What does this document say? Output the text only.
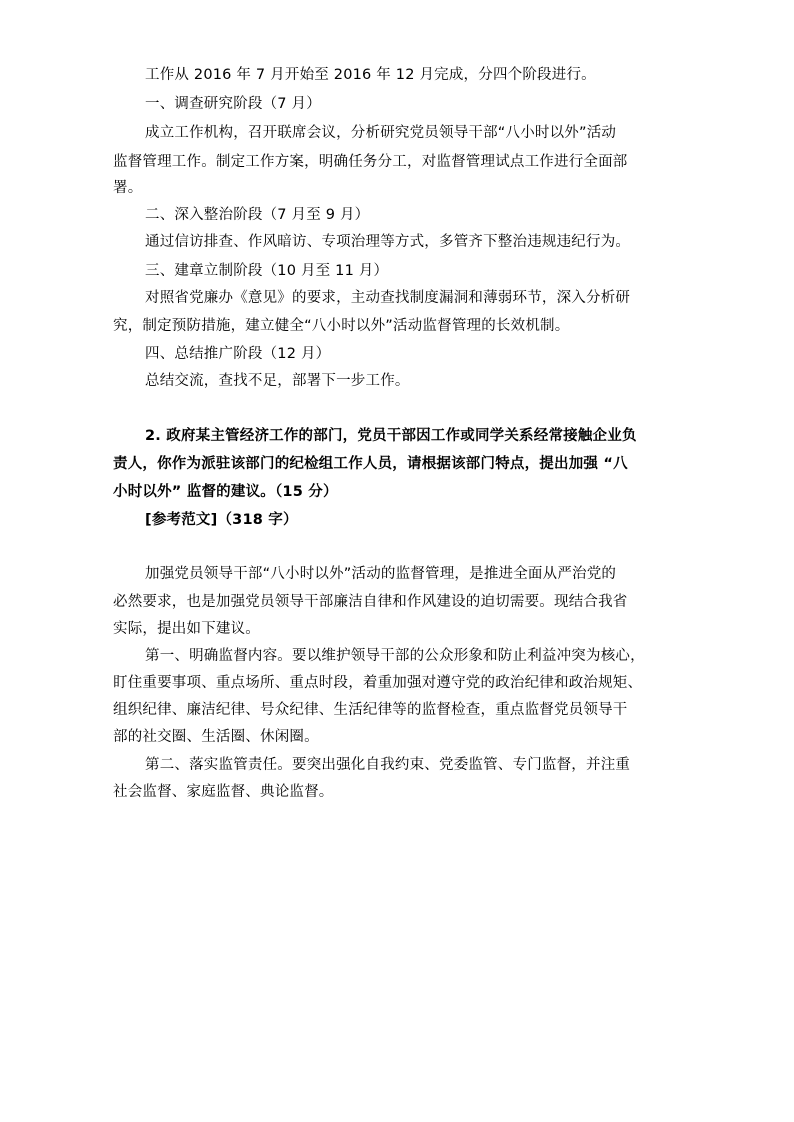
工作从 2016 年 7 月开始至 2016 年 12 月完成，分四个阶段进行。
一、调查研究阶段（7 月）
成立工作机构，召开联席会议，分析研究党员领导干部“八小时以外”活动
监督管理工作。制定工作方案，明确任务分工，对监督管理试点工作进行全面部
署。
二、深入整治阶段（7 月至 9 月）
通过信访排查、作风暗访、专项治理等方式，多管齐下整治违规违纪行为。
三、建章立制阶段（10 月至 11 月）
对照省党廉办《意见》的要求，主动查找制度漏洞和薄弱环节，深入分析研
究，制定预防措施，建立健全“八小时以外”活动监督管理的长效机制。
四、总结推广阶段（12 月）
总结交流，查找不足，部署下一步工作。
2. 政府某主管经济工作的部门，党员干部因工作或同学关系经常接触企业负
责人，你作为派驻该部门的纪检组工作人员，请根据该部门特点，提出加强 “八
小时以外” 监督的建议。（15 分）
[参考范文]（318 字）
加强党员领导干部“八小时以外”活动的监督管理，是推进全面从严治党的
必然要求，也是加强党员领导干部廉洁自律和作风建设的迫切需要。现结合我省
实际，提出如下建议。
第一、明确监督内容。要以维护领导干部的公众形象和防止利益冲突为核心，
盯住重要事项、重点场所、重点时段，着重加强对遵守党的政治纪律和政治规矩、
组织纪律、廉洁纪律、号众纪律、生活纪律等的监督检查，重点监督党员领导干
部的社交圈、生活圈、休闲圈。
第二、落实监管责任。要突出强化自我约束、党委监管、专门监督，并注重
社会监督、家庭监督、典论监督。
